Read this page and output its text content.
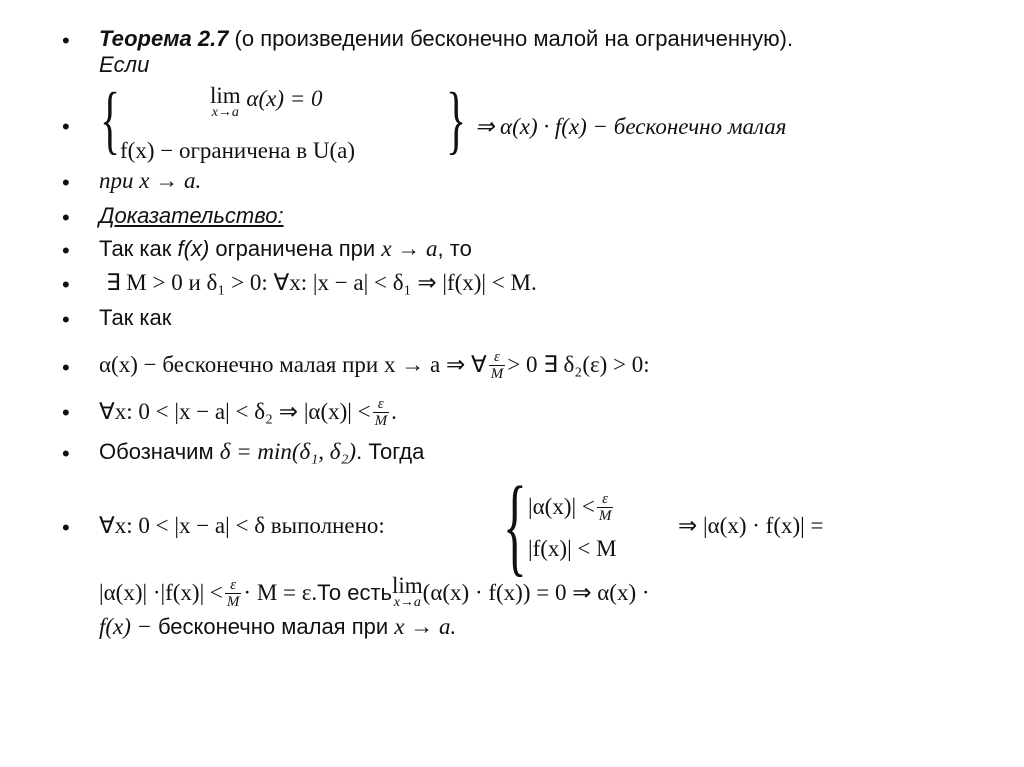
• Теорема 2.7 (о произведении бесконечно малой на ограниченную).
Если
• {	lim
x→a
α(x) = 0
f(x) − ограничена в U(a) } ⇒ α(x) · f(x) − бесконечно малая
• при x → a.
• Доказательство:
• Так как f(x) ограничена при x → a, то
• ∃ M > 0 и δ₁ > 0: ∀x: |x − a| < δ₁ ⇒ |f(x)| < M.
• Так как
• α(x) − бесконечно малая при x → a ⇒ ∀ $\frac{\varepsilon}{M} > 0$ ∃ δ₂(ε) > 0:
• ∀x: 0 < |x − a| < δ₂ ⇒ $|\alpha(x)| < \frac{\varepsilon}{M}$ .
• Обозначим δ = min(δ₁, δ₂). Тогда
• ∀x: 0 < |x − a| < δ выполнено: { $|\alpha(x)| < \frac{\varepsilon}{M}$
|f(x)| < M
⇒ |α(x) · f(x)| =
$|\alpha(x)| \cdot|f(x)| < \frac{\varepsilon}{M} \cdot M = \varepsilon$. То есть lim
x→a (α(x) · f(x)) = 0 ⇒ α(x) ·
f(x) − бесконечно малая при x → a.
